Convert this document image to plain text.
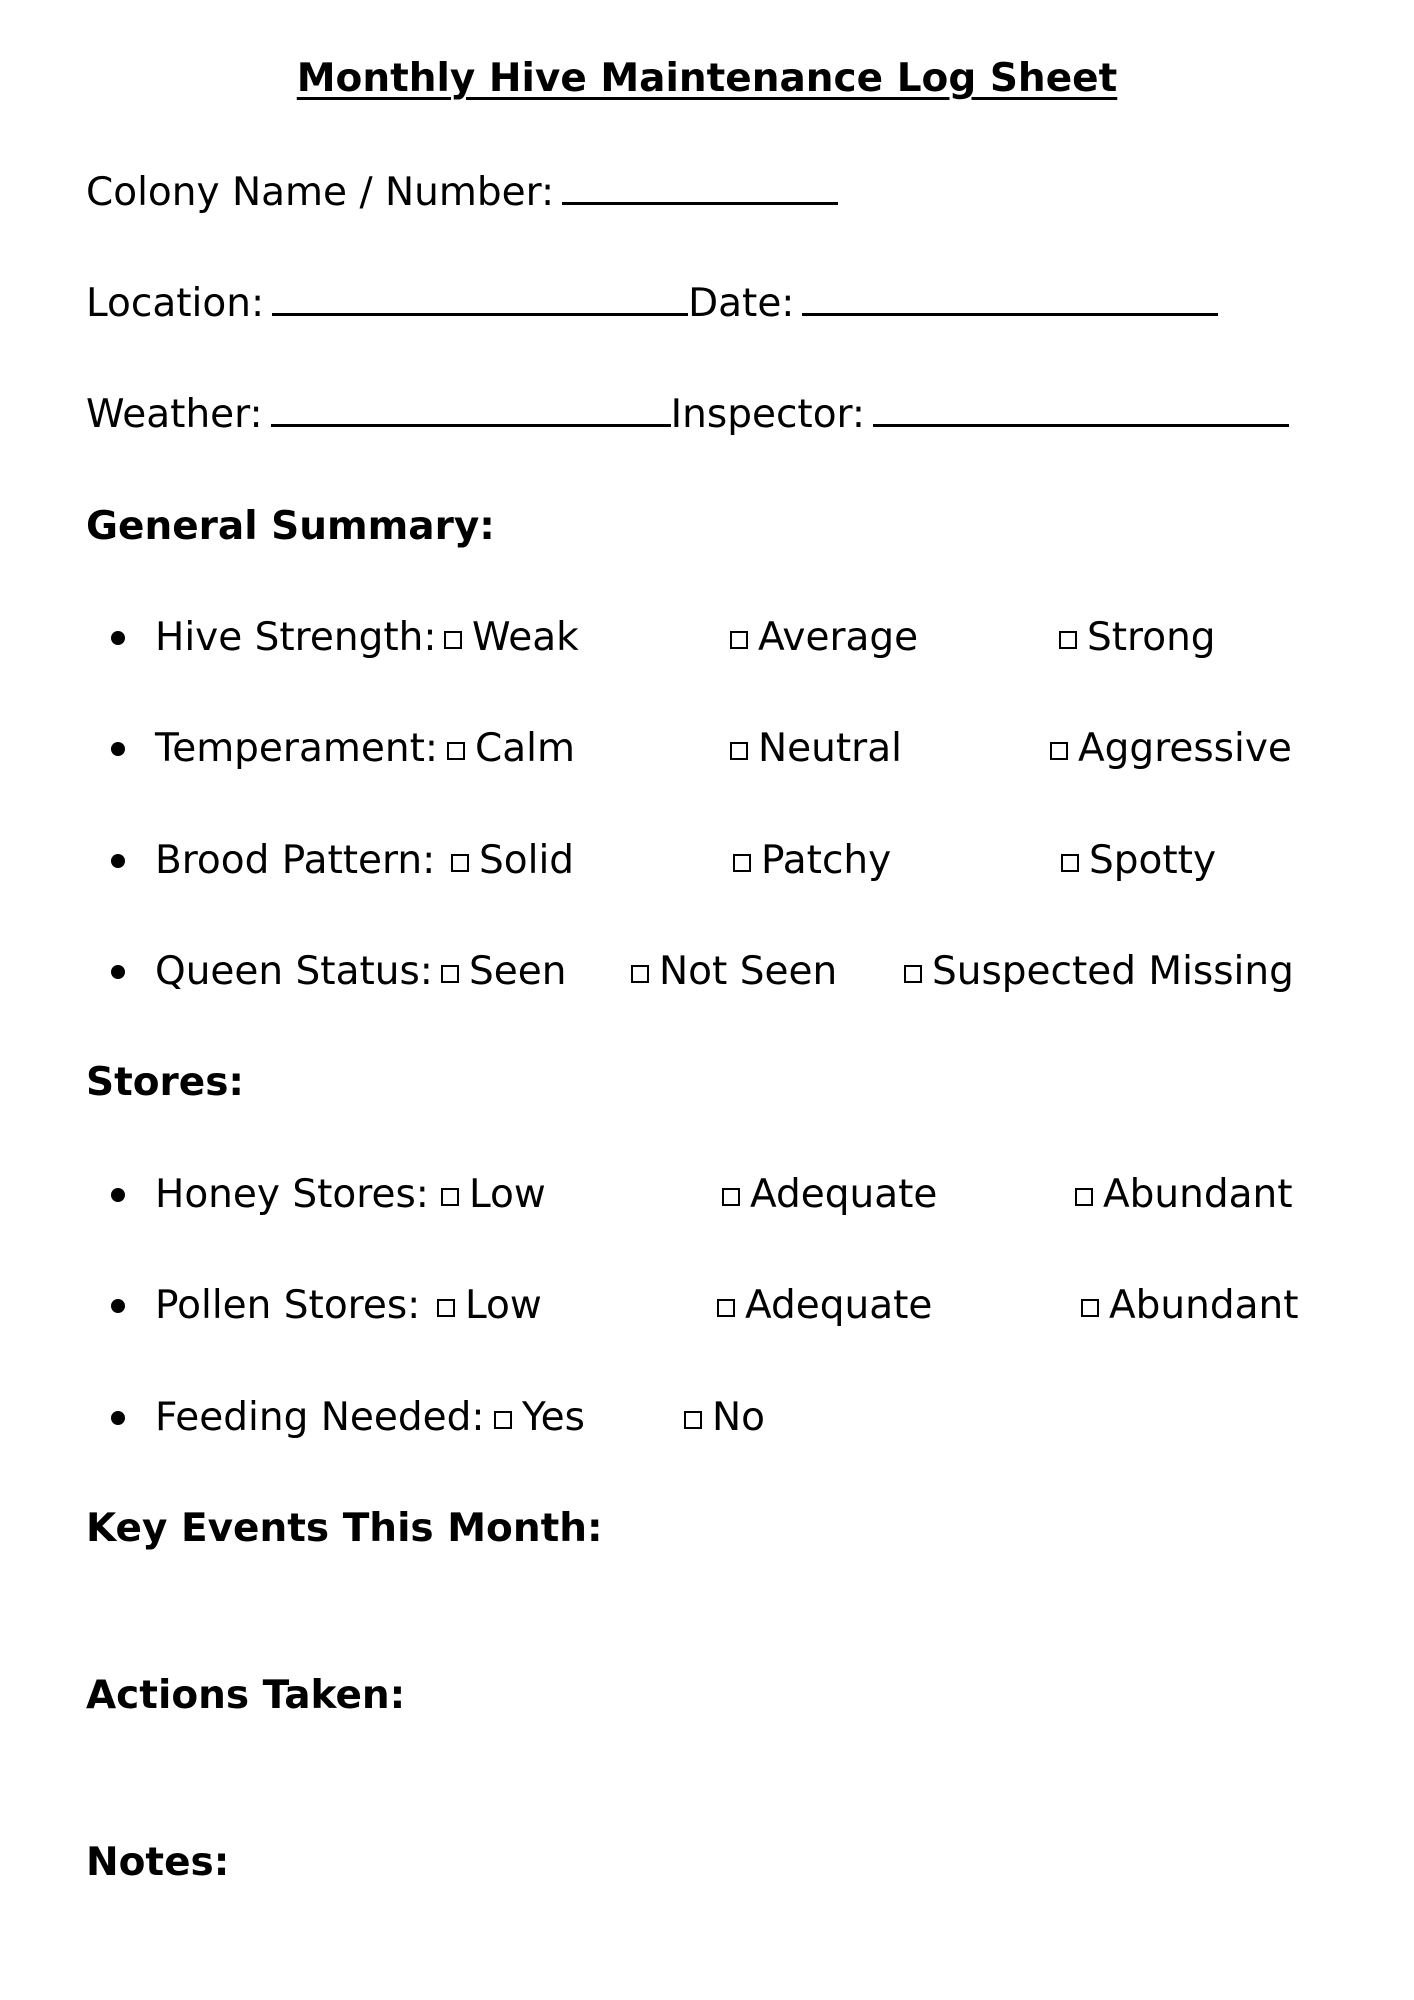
Monthly Hive Maintenance Log Sheet
Colony Name / Number:
Location:	Date:
Weather:	Inspector:
General Summary:
Hive Strength: Weak	Average	Strong
Temperament: Calm	Neutral	Aggressive
Brood Pattern:	Solid	Patchy	Spotty
Queen Status: Seen	Not Seen	Suspected Missing
Stores:
Honey Stores:	Low	Adequate	Abundant
Pollen Stores:	Low	Adequate	Abundant
Feeding Needed: Yes	No
Key Events This Month:
Actions Taken:
Notes:
